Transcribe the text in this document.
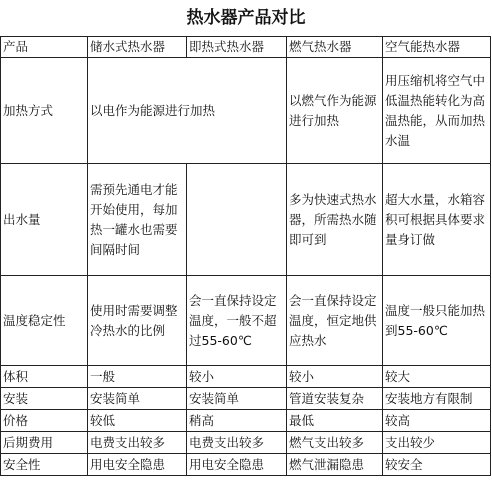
热水器产品对比
产品	储水式热水器	即热式热水器	燃气热水器	空气能热水器
加热方式	以电作为能源进行加热		以燃气作为能源进行加热	用压缩机将空气中低温热能转化为高温热能，从而加热水温
出水量	需预先通电才能开始使用，每加热一罐水也需要间隔时间		多为快速式热水器，所需热水随即可到	超大水量，水箱容积可根据具体要求量身订做
温度稳定性	使用时需要调整冷热水的比例	会一直保持设定温度，一般不超过55-60℃	会一直保持设定温度，恒定地供应热水	温度一般只能加热到55-60℃
体积	一般	较小	较小	较大
安装	安装简单	安装简单	管道安装复杂	安装地方有限制
价格	较低	稍高	最低	较高
后期费用	电费支出较多	电费支出较多	燃气支出较多	支出较少
安全性	用电安全隐患	用电安全隐患	燃气泄漏隐患	较安全
